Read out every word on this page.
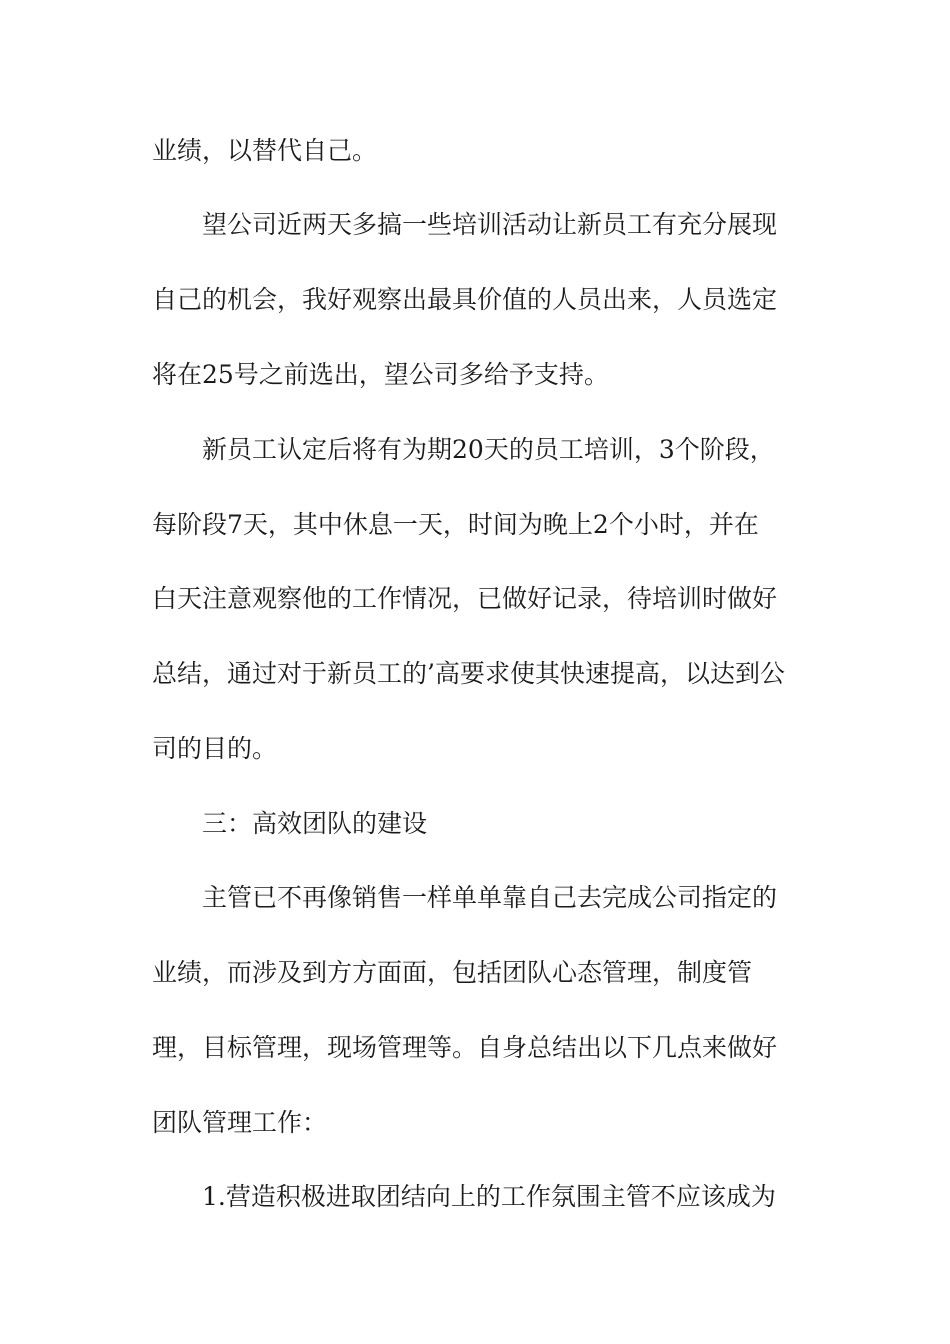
业绩，以替代自己。

望公司近两天多搞一些培训活动让新员工有充分展现

自己的机会，我好观察出最具价值的人员出来，人员选定

将在25号之前选出，望公司多给予支持。

新员工认定后将有为期20天的员工培训，3个阶段，

每阶段7天，其中休息一天，时间为晚上2个小时，并在

白天注意观察他的工作情况，已做好记录，待培训时做好

总结，通过对于新员工的’高要求使其快速提高，以达到公

司的目的。

三：高效团队的建设

主管已不再像销售一样单单靠自己去完成公司指定的

业绩，而涉及到方方面面，包括团队心态管理，制度管

理，目标管理，现场管理等。自身总结出以下几点来做好

团队管理工作：

1.营造积极进取团结向上的工作氛围主管不应该成为
